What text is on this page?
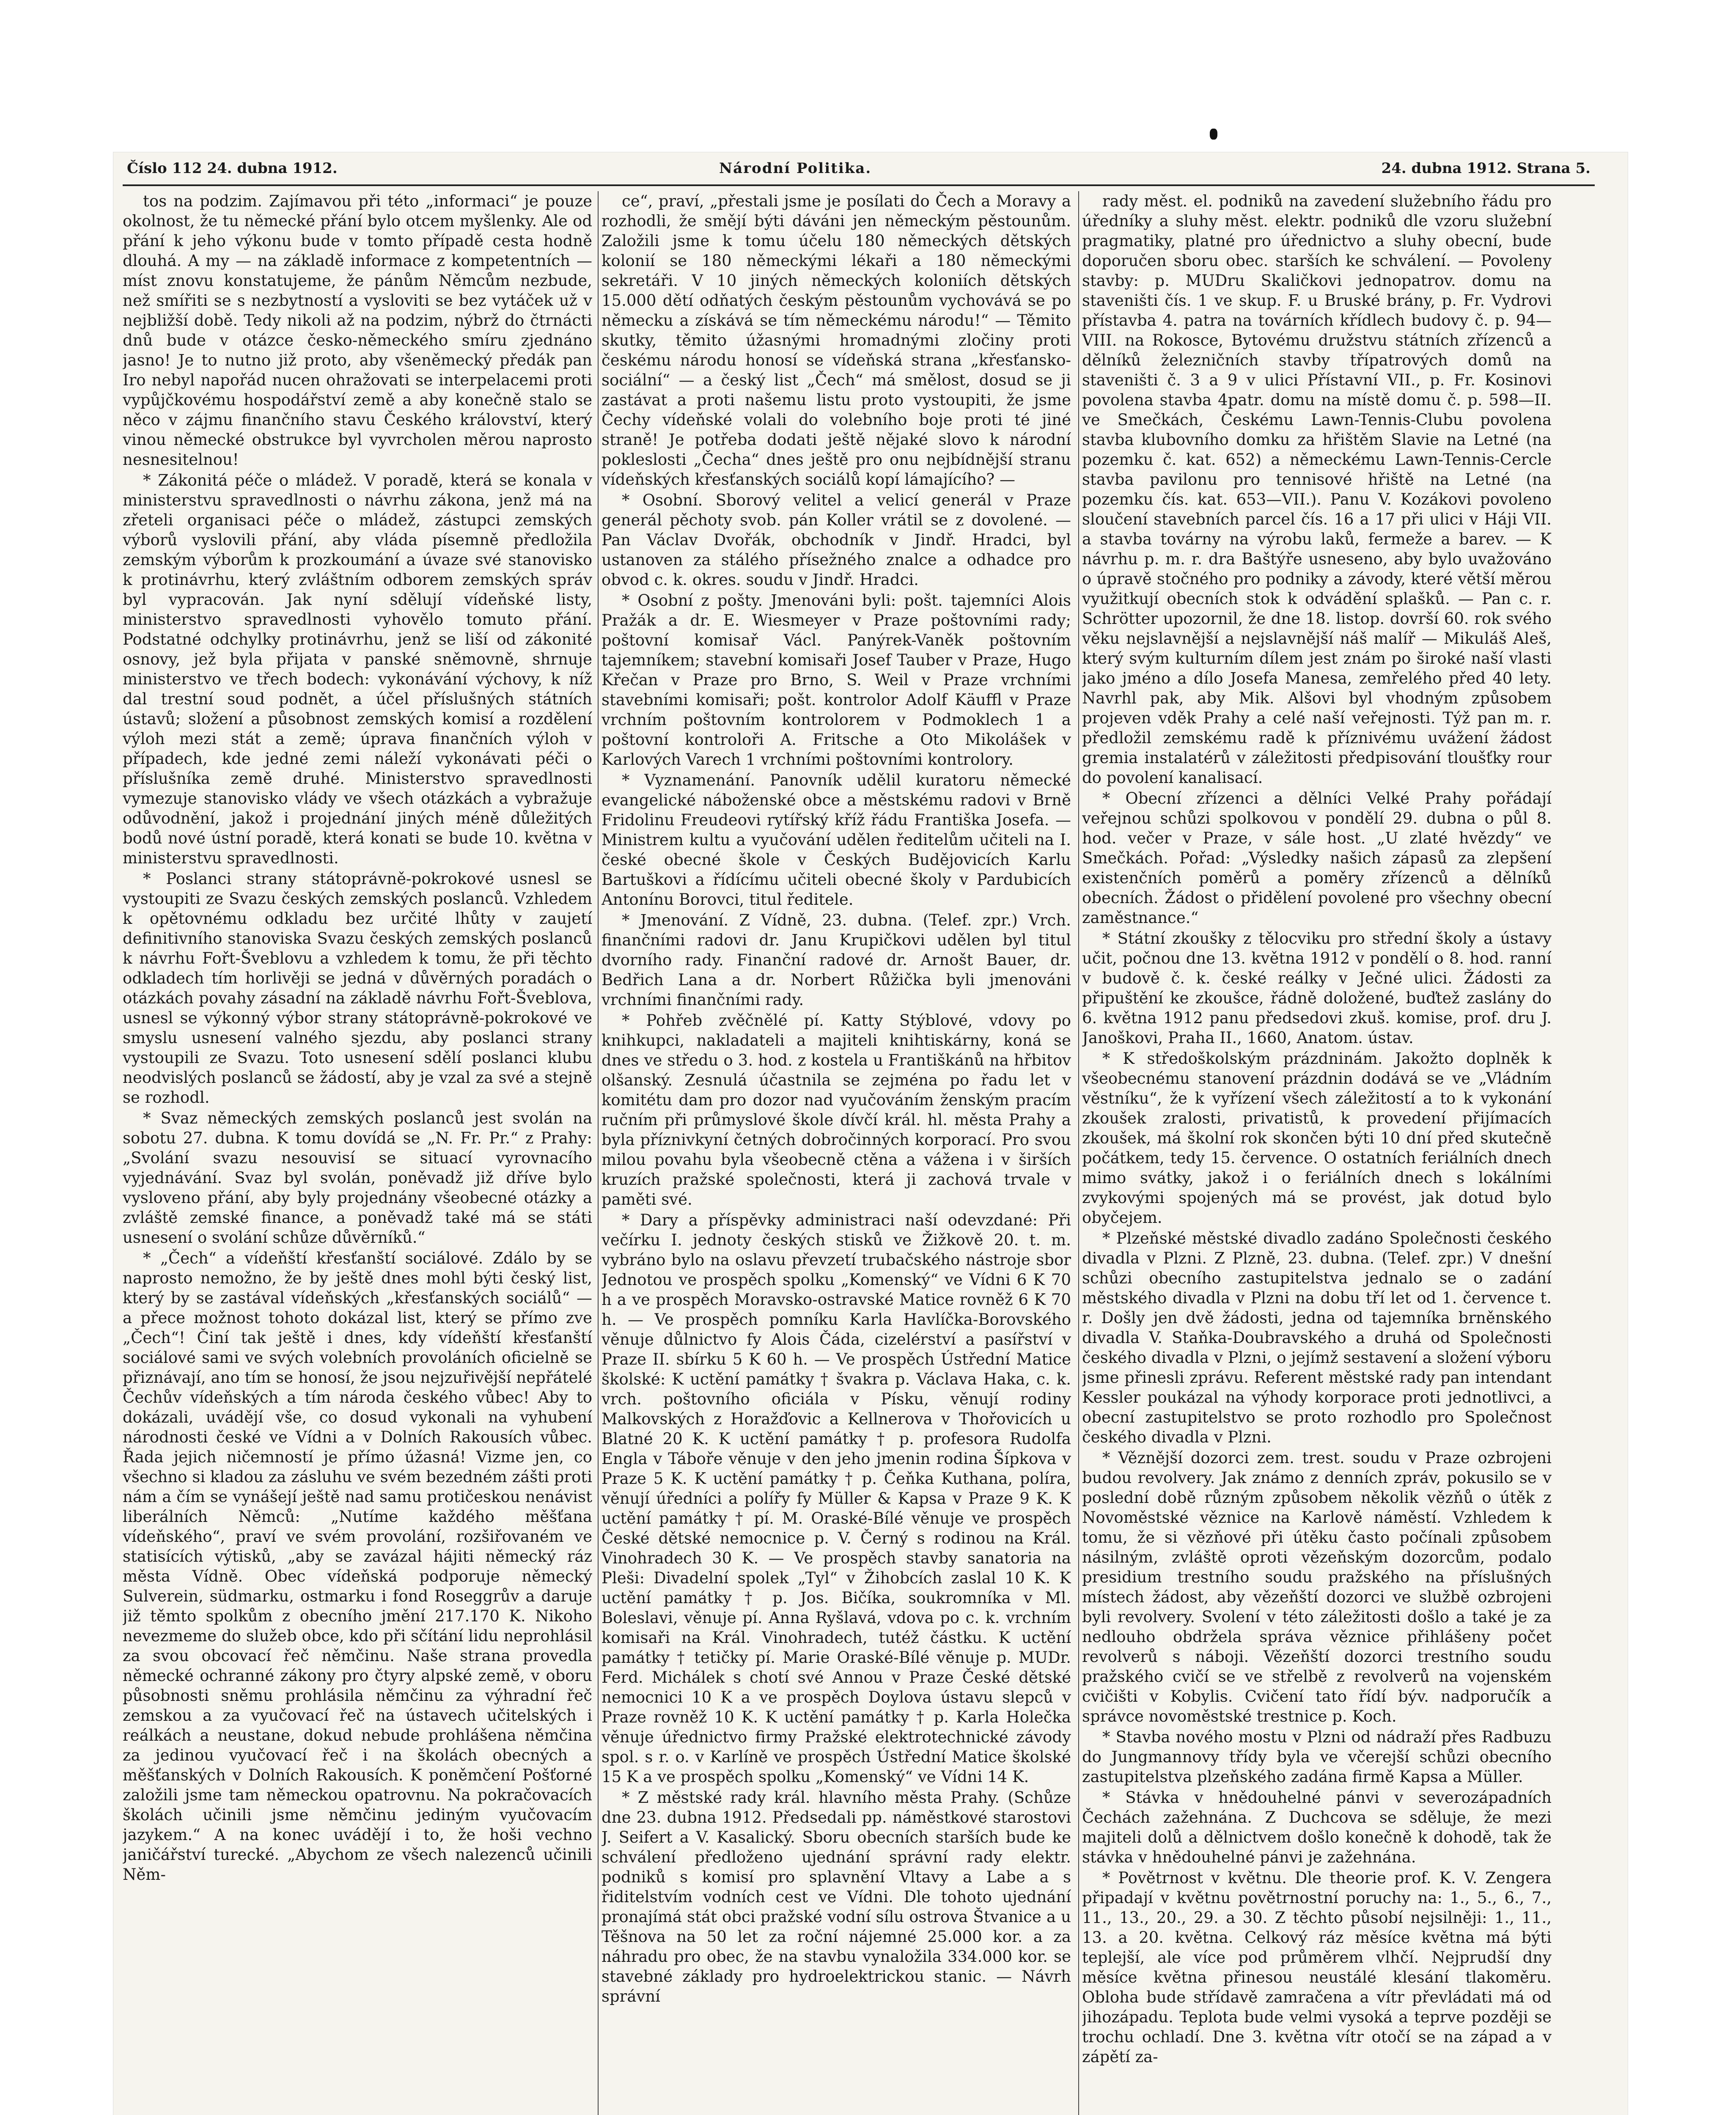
Číslo 112 24. dubna 1912.	Národní Politika.	24. dubna 1912. Strana 5.

tos na podzim. Zajímavou při této „informaci“ je pouze okolnost, že tu německé přání bylo otcem myšlenky. Ale od přání k jeho výkonu bude v tomto případě cesta hodně dlouhá. A my — na základě informace z kompetentních — míst znovu konstatujeme, že pánům Němcům nezbude, než smířiti se s nezbytností a vysloviti se bez vytáček už v nejbližší době. Tedy nikoli až na podzim, nýbrž do čtrnácti dnů bude v otázce česko-německého smíru zjednáno jasno! Je to nutno již proto, aby všeněmecký předák pan Iro nebyl napořád nucen ohražovati se interpelacemi proti vypůjčkovému hospodářství země a aby konečně stalo se něco v zájmu finančního stavu Českého království, který vinou německé obstrukce byl vyvrcholen měrou naprosto nesnesitelnou!

* Zákonitá péče o mládež. V poradě, která se konala v ministerstvu spravedlnosti o návrhu zákona, jenž má na zřeteli organisaci péče o mládež, zástupci zemských výborů vyslovili přání, aby vláda písemně předložila zemským výborům k prozkoumání a úvaze své stanovisko k protinávrhu, který zvláštním odborem zemských správ byl vypracován. Jak nyní sdělují vídeňské listy, ministerstvo spravedlnosti vyhovělo tomuto přání. Podstatné odchylky protinávrhu, jenž se liší od zákonité osnovy, jež byla přijata v panské sněmovně, shrnuje ministerstvo ve třech bodech: vykonávání výchovy, k níž dal trestní soud podnět, a účel příslušných státních ústavů; složení a působnost zemských komisí a rozdělení výloh mezi stát a země; úprava finančních výloh v případech, kde jedné zemi náleží vykonávati péči o příslušníka země druhé. Ministerstvo spravedlnosti vymezuje stanovisko vlády ve všech otázkách a vybražuje odůvodnění, jakož i projednání jiných méně důležitých bodů nové ústní poradě, která konati se bude 10. května v ministerstvu spravedlnosti.

* Poslanci strany státoprávně-pokrokové usnesl se vystoupiti ze Svazu českých zemských poslanců. Vzhledem k opětovnému odkladu bez určité lhůty v zaujetí definitivního stanoviska Svazu českých zemských poslanců k návrhu Fořt-Šveblovu a vzhledem k tomu, že při těchto odkladech tím horlivěji se jedná v důvěrných poradách o otázkách povahy zásadní na základě návrhu Fořt-Šveblova, usnesl se výkonný výbor strany státoprávně-pokrokové ve smyslu usnesení valného sjezdu, aby poslanci strany vystoupili ze Svazu. Toto usnesení sdělí poslanci klubu neodvislých poslanců se žádostí, aby je vzal za své a stejně se rozhodl.

* Svaz německých zemských poslanců jest svolán na sobotu 27. dubna. K tomu dovídá se „N. Fr. Pr.“ z Prahy: „Svolání svazu nesouvisí se situací vyrovnacího vyjednávání. Svaz byl svolán, poněvadž již dříve bylo vysloveno přání, aby byly projednány všeobecné otázky a zvláště zemské finance, a poněvadž také má se státi usnesení o svolání schůze důvěrníků.“

* „Čech“ a vídeňští křesťanští sociálové. Zdálo by se naprosto nemožno, že by ještě dnes mohl býti český list, který by se zastával vídeňských „křesťanských sociálů“ — a přece možnost tohoto dokázal list, který se přímo zve „Čech“! Činí tak ještě i dnes, kdy vídeňští křesťanští sociálové sami ve svých volebních provoláních oficielně se přiznávají, ano tím se honosí, že jsou nejzuřivější nepřátelé Čechův vídeňských a tím národa českého vůbec! Aby to dokázali, uvádějí vše, co dosud vykonali na vyhubení národnosti české ve Vídni a v Dolních Rakousích vůbec. Řada jejich ničemností je přímo úžasná! Vizme jen, co všechno si kladou za zásluhu ve svém bezedném zášti proti nám a čím se vynášejí ještě nad samu protičeskou nenávist liberálních Němců: „Nutíme každého měšťana vídeňského“, praví ve svém provolání, rozšiřovaném ve statisících výtisků, „aby se zavázal hájiti německý ráz města Vídně. Obec vídeňská podporuje německý Sulverein, südmarku, ostmarku i fond Roseggrův a daruje již těmto spolkům z obecního jmění 217.170 K. Nikoho nevezmeme do služeb obce, kdo při sčítání lidu neprohlásil za svou obcovací řeč němčinu. Naše strana provedla německé ochranné zákony pro čtyry alpské země, v oboru působnosti sněmu prohlásila němčinu za výhradní řeč zemskou a za vyučovací řeč na ústavech učitelských i reálkách a neustane, dokud nebude prohlášena němčina za jedinou vyučovací řeč i na školách obecných a měšťanských v Dolních Rakousích. K poněmčení Pošťorné založili jsme tam německou opatrovnu. Na pokračovacích školách učinili jsme němčinu jediným vyučovacím jazykem.“ A na konec uvádějí i to, že hoši vechno janičářství turecké. „Abychom ze všech nalezenců učinili Něm-

ce“, praví, „přestali jsme je posílati do Čech a Moravy a rozhodli, že smějí býti dáváni jen německým pěstounům. Založili jsme k tomu účelu 180 německých dětských kolonií se 180 německými lékaři a 180 německými sekretáři. V 10 jiných německých koloniích dětských 15.000 dětí odňatých českým pěstounům vychovává se po německu a získává se tím německému národu!“ — Těmito skutky, těmito úžasnými hromadnými zločiny proti českému národu honosí se vídeňská strana „křesťansko-sociální“ — a český list „Čech“ má smělost, dosud se ji zastávat a proti našemu listu proto vystoupiti, že jsme Čechy vídeňské volali do volebního boje proti té jiné straně! Je potřeba dodati ještě nějaké slovo k národní pokleslosti „Čecha“ dnes ještě pro onu nejbídnější stranu vídeňských křesťanských sociálů kopí lámajícího? —

* Osobní. Sborový velitel a velicí generál v Praze generál pěchoty svob. pán Koller vrátil se z dovolené. — Pan Václav Dvořák, obchodník v Jindř. Hradci, byl ustanoven za stálého přísežného znalce a odhadce pro obvod c. k. okres. soudu v Jindř. Hradci.

* Osobní z pošty. Jmenováni byli: pošt. tajemníci Alois Pražák a dr. E. Wiesmeyer v Praze poštovními rady; poštovní komisař Václ. Panýrek-Vaněk poštovním tajemníkem; stavební komisaři Josef Tauber v Praze, Hugo Křečan v Praze pro Brno, S. Weil v Praze vrchními stavebními komisaři; pošt. kontrolor Adolf Käuffl v Praze vrchním poštovním kontrolorem v Podmoklech 1 a poštovní kontroloři A. Fritsche a Oto Mikolášek v Karlových Varech 1 vrchními poštovními kontrolory.

* Vyznamenání. Panovník udělil kuratoru německé evangelické náboženské obce a městskému radovi v Brně Fridolinu Freudeovi rytířský kříž řádu Františka Josefa. — Ministrem kultu a vyučování udělen ředitelům učiteli na I. české obecné škole v Českých Budějovicích Karlu Bartuškovi a řídícímu učiteli obecné školy v Pardubicích Antonínu Borovci, titul ředitele.

* Jmenování. Z Vídně, 23. dubna. (Telef. zpr.) Vrch. finančními radovi dr. Janu Krupičkovi udělen byl titul dvorního rady. Finanční radové dr. Arnošt Bauer, dr. Bedřich Lana a dr. Norbert Růžička byli jmenováni vrchními finančními rady.

* Pohřeb zvěčnělé pí. Katty Stýblové, vdovy po knihkupci, nakladateli a majiteli knihtiskárny, koná se dnes ve středu o 3. hod. z kostela u Františkánů na hřbitov olšanský. Zesnulá účastnila se zejména po řadu let v komitétu dam pro dozor nad vyučováním ženským pracím ručním při průmyslové škole dívčí král. hl. města Prahy a byla příznivkyní četných dobročinných korporací. Pro svou milou povahu byla všeobecně ctěna a vážena i v širších kruzích pražské společnosti, která ji zachová trvale v paměti své.

* Dary a příspěvky administraci naší odevzdané: Při večírku I. jednoty českých stisků ve Žižkově 20. t. m. vybráno bylo na oslavu převzetí trubačského nástroje sbor Jednotou ve prospěch spolku „Komenský“ ve Vídni 6 K 70 h a ve prospěch Moravsko-ostravské Matice rovněž 6 K 70 h. — Ve prospěch pomníku Karla Havlíčka-Borovského věnuje důlnictvo fy Alois Čáda, cizelérství a pasířství v Praze II. sbírku 5 K 60 h. — Ve prospěch Ústřední Matice školské: K uctění památky † švakra p. Václava Haka, c. k. vrch. poštovního oficiála v Písku, věnují rodiny Malkovských z Horažďovic a Kellnerova v Thořovicích u Blatné 20 K. K uctění památky † p. profesora Rudolfa Engla v Táboře věnuje v den jeho jmenin rodina Šípkova v Praze 5 K. K uctění památky † p. Čeňka Kuthana, políra, věnují úředníci a polířy fy Müller & Kapsa v Praze 9 K. K uctění památky † pí. M. Oraské-Bílé věnuje ve prospěch České dětské nemocnice p. V. Černý s rodinou na Král. Vinohradech 30 K. — Ve prospěch stavby sanatoria na Pleši: Divadelní spolek „Tyl“ v Žihobcích zaslal 10 K. K uctění památky † p. Jos. Bičíka, soukromníka v Ml. Boleslavi, věnuje pí. Anna Ryšlavá, vdova po c. k. vrchním komisaři na Král. Vinohradech, tutéž částku. K uctění památky † tetičky pí. Marie Oraské-Bílé věnuje p. MUDr. Ferd. Michálek s chotí své Annou v Praze České dětské nemocnici 10 K a ve prospěch Doylova ústavu slepců v Praze rovněž 10 K. K uctění památky † p. Karla Holečka věnuje úřednictvo firmy Pražské elektrotechnické závody spol. s r. o. v Karlíně ve prospěch Ústřední Matice školské 15 K a ve prospěch spolku „Komenský“ ve Vídni 14 K.

* Z městské rady král. hlavního města Prahy. (Schůze dne 23. dubna 1912. Předsedali pp. náměstkové starostovi J. Seifert a V. Kasalický. Sboru obecních starších bude ke schválení předloženo ujednání správní rady elektr. podniků s komisí pro splavnění Vltavy a Labe a s řiditelstvím vodních cest ve Vídni. Dle tohoto ujednání pronajímá stát obci pražské vodní sílu ostrova Štvanice a u Těšnova na 50 let za roční nájemné 25.000 kor. a za náhradu pro obec, že na stavbu vynaložila 334.000 kor. se stavebné základy pro hydroelektrickou stanic. — Návrh správní

rady měst. el. podniků na zavedení služebního řádu pro úředníky a sluhy měst. elektr. podniků dle vzoru služební pragmatiky, platné pro úřednictvo a sluhy obecní, bude doporučen sboru obec. starších ke schválení. — Povoleny stavby: p. MUDru Skaličkovi jednopatrov. domu na staveništi čís. 1 ve skup. F. u Bruské brány, p. Fr. Vydrovi přístavba 4. patra na továrních křídlech budovy č. p. 94—VIII. na Rokosce, Bytovému družstvu státních zřízenců a dělníků železničních stavby třípatrových domů na staveništi č. 3 a 9 v ulici Přístavní VII., p. Fr. Kosinovi povolena stavba 4patr. domu na místě domu č. p. 598—II. ve Smečkách, Českému Lawn-Tennis-Clubu povolena stavba klubovního domku za hřištěm Slavie na Letné (na pozemku č. kat. 652) a německému Lawn-Tennis-Cercle stavba pavilonu pro tennisové hřiště na Letné (na pozemku čís. kat. 653—VII.). Panu V. Kozákovi povoleno sloučení stavebních parcel čís. 16 a 17 při ulici v Háji VII. a stavba továrny na výrobu laků, fermeže a barev. — K návrhu p. m. r. dra Baštýře usneseno, aby bylo uvažováno o úpravě stočného pro podniky a závody, které větší měrou využitkují obecních stok k odvádění splašků. — Pan c. r. Schrötter upozornil, že dne 18. listop. dovrší 60. rok svého věku nejslavnější a nejslavnější náš malíř — Mikuláš Aleš, který svým kulturním dílem jest znám po široké naší vlasti jako jméno a dílo Josefa Manesa, zemřelého před 40 lety. Navrhl pak, aby Mik. Alšovi byl vhodným způsobem projeven vděk Prahy a celé naší veřejnosti. Týž pan m. r. předložil zemskému radě k příznivému uvážení žádost gremia instalatérů v záležitosti předpisování tloušťky rour do povolení kanalisací.

* Obecní zřízenci a dělníci Velké Prahy pořádají veřejnou schůzi spolkovou v pondělí 29. dubna o půl 8. hod. večer v Praze, v sále host. „U zlaté hvězdy“ ve Smečkách. Pořad: „Výsledky našich zápasů za zlepšení existenčních poměrů a poměry zřízenců a dělníků obecních. Žádost o přidělení povolené pro všechny obecní zaměstnance.“

* Státní zkoušky z tělocviku pro střední školy a ústavy učit, počnou dne 13. května 1912 v pondělí o 8. hod. ranní v budově č. k. české reálky v Ječné ulici. Žádosti za připuštění ke zkoušce, řádně doložené, buďtež zaslány do 6. května 1912 panu předsedovi zkuš. komise, prof. dru J. Janoškovi, Praha II., 1660, Anatom. ústav.

* K středoškolským prázdninám. Jakožto doplněk k všeobecnému stanovení prázdnin dodává se ve „Vládním věstníku“, že k vyřízení všech záležitostí a to k vykonání zkoušek zralosti, privatistů, k provedení přijímacích zkoušek, má školní rok skončen býti 10 dní před skutečně počátkem, tedy 15. července. O ostatních feriálních dnech mimo svátky, jakož i o feriálních dnech s lokálními zvykovými spojených má se provést, jak dotud bylo obyčejem.

* Plzeňské městské divadlo zadáno Společnosti českého divadla v Plzni. Z Plzně, 23. dubna. (Telef. zpr.) V dnešní schůzi obecního zastupitelstva jednalo se o zadání městského divadla v Plzni na dobu tří let od 1. července t. r. Došly jen dvě žádosti, jedna od tajemníka brněnského divadla V. Staňka-Doubravského a druhá od Společnosti českého divadla v Plzni, o jejímž sestavení a složení výboru jsme přinesli zprávu. Referent městské rady pan intendant Kessler poukázal na výhody korporace proti jednotlivci, a obecní zastupitelstvo se proto rozhodlo pro Společnost českého divadla v Plzni.

* Věznější dozorci zem. trest. soudu v Praze ozbrojeni budou revolvery. Jak známo z denních zpráv, pokusilo se v poslední době různým způsobem několik vězňů o útěk z Novoměstské věznice na Karlově náměstí. Vzhledem k tomu, že si vězňové při útěku často počínali způsobem násilným, zvláště oproti vězeňským dozorcům, podalo presidium trestního soudu pražského na příslušných místech žádost, aby vězeňští dozorci ve službě ozbrojeni byli revolvery. Svolení v této záležitosti došlo a také je za nedlouho obdržela správa věznice přihlášeny počet revolverů s náboji. Vězeňští dozorci trestního soudu pražského cvičí se ve střelbě z revolverů na vojenském cvičišti v Kobylis. Cvičení tato řídí býv. nadporučík a správce novoměstské trestnice p. Koch.

* Stavba nového mostu v Plzni od nádraží přes Radbuzu do Jungmannovy třídy byla ve včerejší schůzi obecního zastupitelstva plzeňského zadána firmě Kapsa a Müller.

* Stávka v hnědouhelné pánvi v severozápadních Čechách zažehnána. Z Duchcova se sděluje, že mezi majiteli dolů a dělnictvem došlo konečně k dohodě, tak že stávka v hnědouhelné pánvi je zažehnána.

* Povětrnost v květnu. Dle theorie prof. K. V. Zengera připadají v květnu povětrnostní poruchy na: 1., 5., 6., 7., 11., 13., 20., 29. a 30. Z těchto působí nejsilněji: 1., 11., 13. a 20. května. Celkový ráz měsíce května má býti teplejší, ale více pod průměrem vlhčí. Nejprudší dny měsíce května přinesou neustálé klesání tlakoměru. Obloha bude střídavě zamračena a vítr převládati má od jihozápadu. Teplota bude velmi vysoká a teprve později se trochu ochladí. Dne 3. května vítr otočí se na západ a v zápětí za-
